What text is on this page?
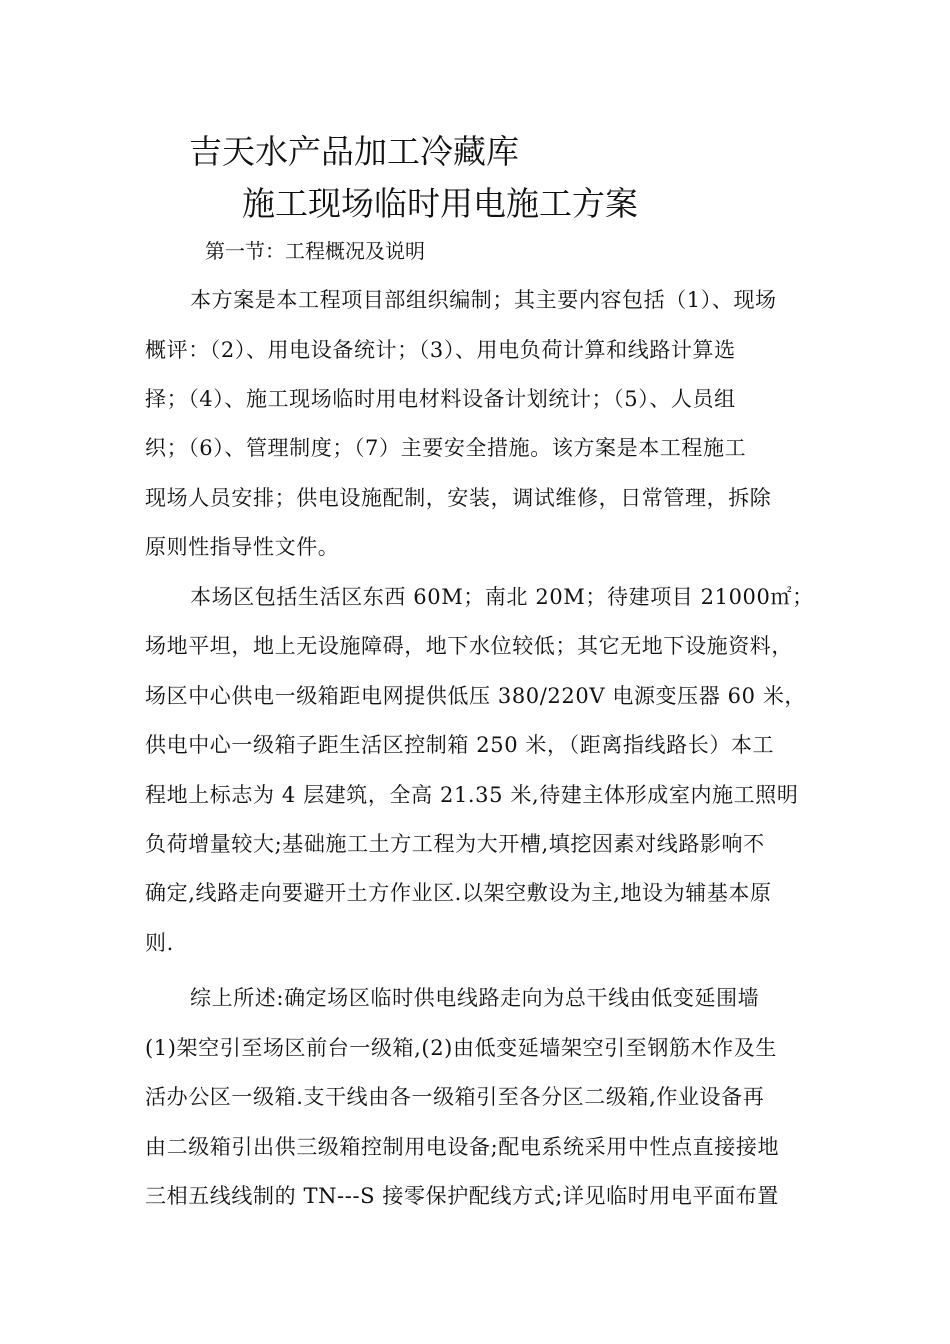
吉天水产品加工冷藏库
施工现场临时用电施工方案
第一节：工程概况及说明
本方案是本工程项目部组织编制；其主要内容包括（1）、现场
概评：（2）、用电设备统计；（3）、用电负荷计算和线路计算选
择；（4）、施工现场临时用电材料设备计划统计；（5）、人员组
织；（6）、管理制度；（7）主要安全措施。该方案是本工程施工
现场人员安排；供电设施配制，安装，调试维修，日常管理，拆除
原则性指导性文件。
本场区包括生活区东西 60M；南北 20M；待建项目 21000㎡；
场地平坦，地上无设施障碍，地下水位较低；其它无地下设施资料，
场区中心供电一级箱距电网提供低压 380/220V 电源变压器 60 米，
供电中心一级箱子距生活区控制箱 250 米，（距离指线路长）本工
程地上标志为 4 层建筑，全高 21.35 米,待建主体形成室内施工照明
负荷增量较大;基础施工土方工程为大开槽,填挖因素对线路影响不
确定,线路走向要避开土方作业区.以架空敷设为主,地设为辅基本原
则.
综上所述:确定场区临时供电线路走向为总干线由低变延围墙
(1)架空引至场区前台一级箱,(2)由低变延墙架空引至钢筋木作及生
活办公区一级箱.支干线由各一级箱引至各分区二级箱,作业设备再
由二级箱引出供三级箱控制用电设备;配电系统采用中性点直接接地
三相五线线制的 TN---S 接零保护配线方式;详见临时用电平面布置
